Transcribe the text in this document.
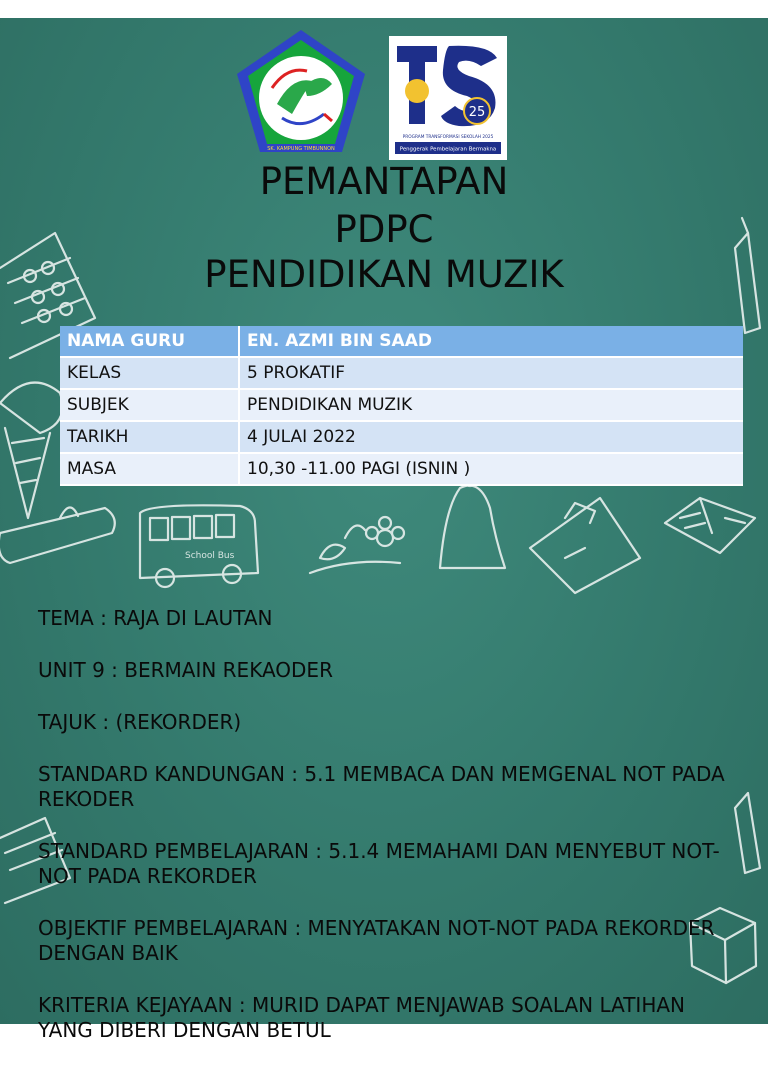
School Bus
SK. KAMPUNG TIMBUNNON
25
PROGRAM TRANSFORMASI SEKOLAH 2025
Penggerak Pembelajaran Bermakna
PEMANTAPAN
PDPC
PENDIDIKAN MUZIK
NAMA GURU	EN. AZMI BIN SAAD
KELAS	5 PROKATIF
SUBJEK	PENDIDIKAN MUZIK
TARIKH	4 JULAI 2022
MASA	10,30 -11.00 PAGI (ISNIN )

TEMA : RAJA DI LAUTAN

UNIT 9 : BERMAIN REKAODER

TAJUK : (REKORDER)

STANDARD KANDUNGAN : 5.1 MEMBACA DAN MEMGENAL NOT PADA REKODER

STANDARD PEMBELAJARAN : 5.1.4 MEMAHAMI DAN MENYEBUT NOT-NOT PADA REKORDER

OBJEKTIF PEMBELAJARAN : MENYATAKAN NOT-NOT PADA REKORDER DENGAN BAIK

KRITERIA KEJAYAAN : MURID DAPAT MENJAWAB SOALAN LATIHAN YANG DIBERI DENGAN BETUL
